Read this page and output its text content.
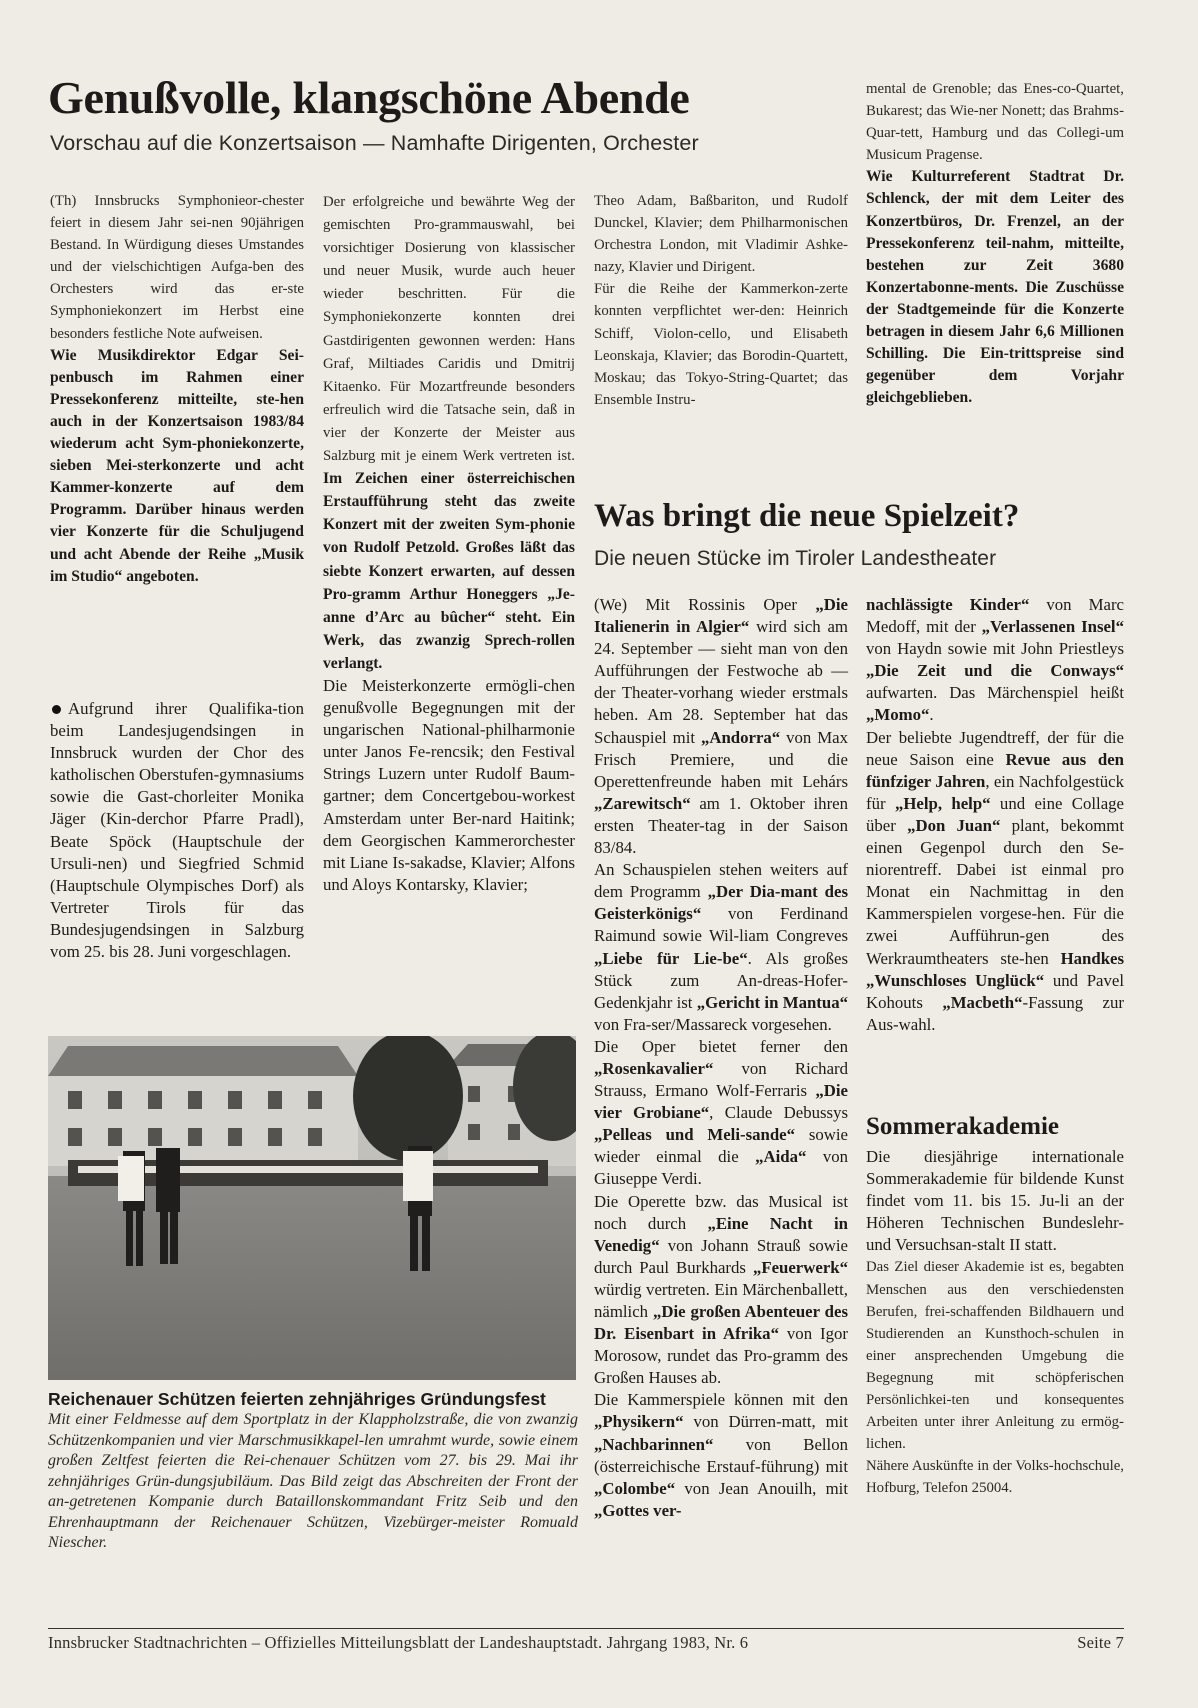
Genußvolle, klangschöne Abende
Vorschau auf die Konzertsaison — Namhafte Dirigenten, Orchester

(Th) Innsbrucks Symphonieor-chester feiert in diesem Jahr sei-nen 90jährigen Bestand. In Würdigung dieses Umstandes und der vielschichtigen Aufga-ben des Orchesters wird das er-ste Symphoniekonzert im Herbst eine besonders festliche Note aufweisen.

Wie Musikdirektor Edgar Sei-penbusch im Rahmen einer Pressekonferenz mitteilte, ste-hen auch in der Konzertsaison 1983/84 wiederum acht Sym-phoniekonzerte, sieben Mei-sterkonzerte und acht Kammer-konzerte auf dem Programm. Darüber hinaus werden vier Konzerte für die Schuljugend und acht Abende der Reihe „Musik im Studio“ angeboten.

Der erfolgreiche und bewährte Weg der gemischten Pro-grammauswahl, bei vorsichtiger Dosierung von klassischer und neuer Musik, wurde auch heuer wieder beschritten. Für die Symphoniekonzerte konnten drei Gastdirigenten gewonnen werden: Hans Graf, Miltiades Caridis und Dmitrij Kitaenko. Für Mozartfreunde besonders erfreulich wird die Tatsache sein, daß in vier der Konzerte der Meister aus Salzburg mit je einem Werk vertreten ist. Im Zeichen einer österreichischen Erstaufführung steht das zweite Konzert mit der zweiten Sym-phonie von Rudolf Petzold. Großes läßt das siebte Konzert erwarten, auf dessen Pro-gramm Arthur Honeggers „Je-anne d’Arc au bûcher“ steht. Ein Werk, das zwanzig Sprech-rollen verlangt.

Die Meisterkonzerte ermögli-chen genußvolle Begegnungen mit der ungarischen National-philharmonie unter Janos Fe-rencsik; den Festival Strings Luzern unter Rudolf Baum-gartner; dem Concertgebou-workest Amsterdam unter Ber-nard Haitink; dem Georgischen Kammerorchester mit Liane Is-sakadse, Klavier; Alfons und Aloys Kontarsky, Klavier;

Theo Adam, Baßbariton, und Rudolf Dunckel, Klavier; dem Philharmonischen Orchestra London, mit Vladimir Ashke-nazy, Klavier und Dirigent.

Für die Reihe der Kammerkon-zerte konnten verpflichtet wer-den: Heinrich Schiff, Violon-cello, und Elisabeth Leonskaja, Klavier; das Borodin-Quartett, Moskau; das Tokyo-String-Quartet; das Ensemble Instru-

mental de Grenoble; das Enes-co-Quartet, Bukarest; das Wie-ner Nonett; das Brahms-Quar-tett, Hamburg und das Collegi-um Musicum Pragense.

Wie Kulturreferent Stadtrat Dr. Schlenck, der mit dem Leiter des Konzertbüros, Dr. Frenzel, an der Pressekonferenz teil-nahm, mitteilte, bestehen zur Zeit 3680 Konzertabonne-ments. Die Zuschüsse der Stadtgemeinde für die Konzerte betragen in diesem Jahr 6,6 Millionen Schilling. Die Ein-trittspreise sind gegenüber dem Vorjahr gleichgeblieben.

Aufgrund ihrer Qualifika-tion beim Landesjugendsingen in Innsbruck wurden der Chor des katholischen Oberstufen-gymnasiums sowie die Gast-chorleiter Monika Jäger (Kin-derchor Pfarre Pradl), Beate Spöck (Hauptschule der Ursuli-nen) und Siegfried Schmid (Hauptschule Olympisches Dorf) als Vertreter Tirols für das Bundesjugendsingen in Salzburg vom 25. bis 28. Juni vorgeschlagen.

Reichenauer Schützen feierten zehnjähriges Gründungsfest
Mit einer Feldmesse auf dem Sportplatz in der Klappholzstraße, die von zwanzig Schützenkompanien und vier Marschmusikkapel-len umrahmt wurde, sowie einem großen Zeltfest feierten die Rei-chenauer Schützen vom 27. bis 29. Mai ihr zehnjähriges Grün-dungsjubiläum. Das Bild zeigt das Abschreiten der Front der an-getretenen Kompanie durch Bataillonskommandant Fritz Seib und den Ehrenhauptmann der Reichenauer Schützen, Vizebürger-meister Romuald Niescher.
Was bringt die neue Spielzeit?
Die neuen Stücke im Tiroler Landestheater

(We) Mit Rossinis Oper „Die Italienerin in Algier“ wird sich am 24. September — sieht man von den Aufführungen der Festwoche ab — der Theater-vorhang wieder erstmals heben. Am 28. September hat das Schauspiel mit „Andorra“ von Max Frisch Premiere, und die Operettenfreunde haben mit Lehárs „Zarewitsch“ am 1. Oktober ihren ersten Theater-tag in der Saison 83/84.

An Schauspielen stehen weiters auf dem Programm „Der Dia-mant des Geisterkönigs“ von Ferdinand Raimund sowie Wil-liam Congreves „Liebe für Lie-be“. Als großes Stück zum An-dreas-Hofer-Gedenkjahr ist „Gericht in Mantua“ von Fra-ser/Massareck vorgesehen.

Die Oper bietet ferner den „Rosenkavalier“ von Richard Strauss, Ermano Wolf-Ferraris „Die vier Grobiane“, Claude Debussys „Pelleas und Meli-sande“ sowie wieder einmal die „Aida“ von Giuseppe Verdi.

Die Operette bzw. das Musical ist noch durch „Eine Nacht in Venedig“ von Johann Strauß sowie durch Paul Burkhards „Feuerwerk“ würdig vertreten. Ein Märchenballett, nämlich „Die großen Abenteuer des Dr. Eisenbart in Afrika“ von Igor Morosow, rundet das Pro-gramm des Großen Hauses ab.

Die Kammerspiele können mit den „Physikern“ von Dürren-matt, mit „Nachbarinnen“ von Bellon (österreichische Erstauf-führung) mit „Colombe“ von Jean Anouilh, mit „Gottes ver-

nachlässigte Kinder“ von Marc Medoff, mit der „Verlassenen Insel“ von Haydn sowie mit John Priestleys „Die Zeit und die Conways“ aufwarten. Das Märchenspiel heißt „Momo“.

Der beliebte Jugendtreff, der für die neue Saison eine Revue aus den fünfziger Jahren, ein Nachfolgestück für „Help, help“ und eine Collage über „Don Juan“ plant, bekommt einen Gegenpol durch den Se-niorentreff. Dabei ist einmal pro Monat ein Nachmittag in den Kammerspielen vorgese-hen. Für die zwei Aufführun-gen des Werkraumtheaters ste-hen Handkes „Wunschloses Unglück“ und Pavel Kohouts „Macbeth“-Fassung zur Aus-wahl.

Sommerakademie

Die diesjährige internationale Sommerakademie für bildende Kunst findet vom 11. bis 15. Ju-li an der Höheren Technischen Bundeslehr- und Versuchsan-stalt II statt.

Das Ziel dieser Akademie ist es, begabten Menschen aus den verschiedensten Berufen, frei-schaffenden Bildhauern und Studierenden an Kunsthoch-schulen in einer ansprechenden Umgebung die Begegnung mit schöpferischen Persönlichkei-ten und konsequentes Arbeiten unter ihrer Anleitung zu ermög-lichen.

Nähere Auskünfte in der Volks-hochschule, Hofburg, Telefon 25004.

Innsbrucker Stadtnachrichten – Offizielles Mitteilungsblatt der Landeshauptstadt. Jahrgang 1983, Nr. 6	Seite 7
